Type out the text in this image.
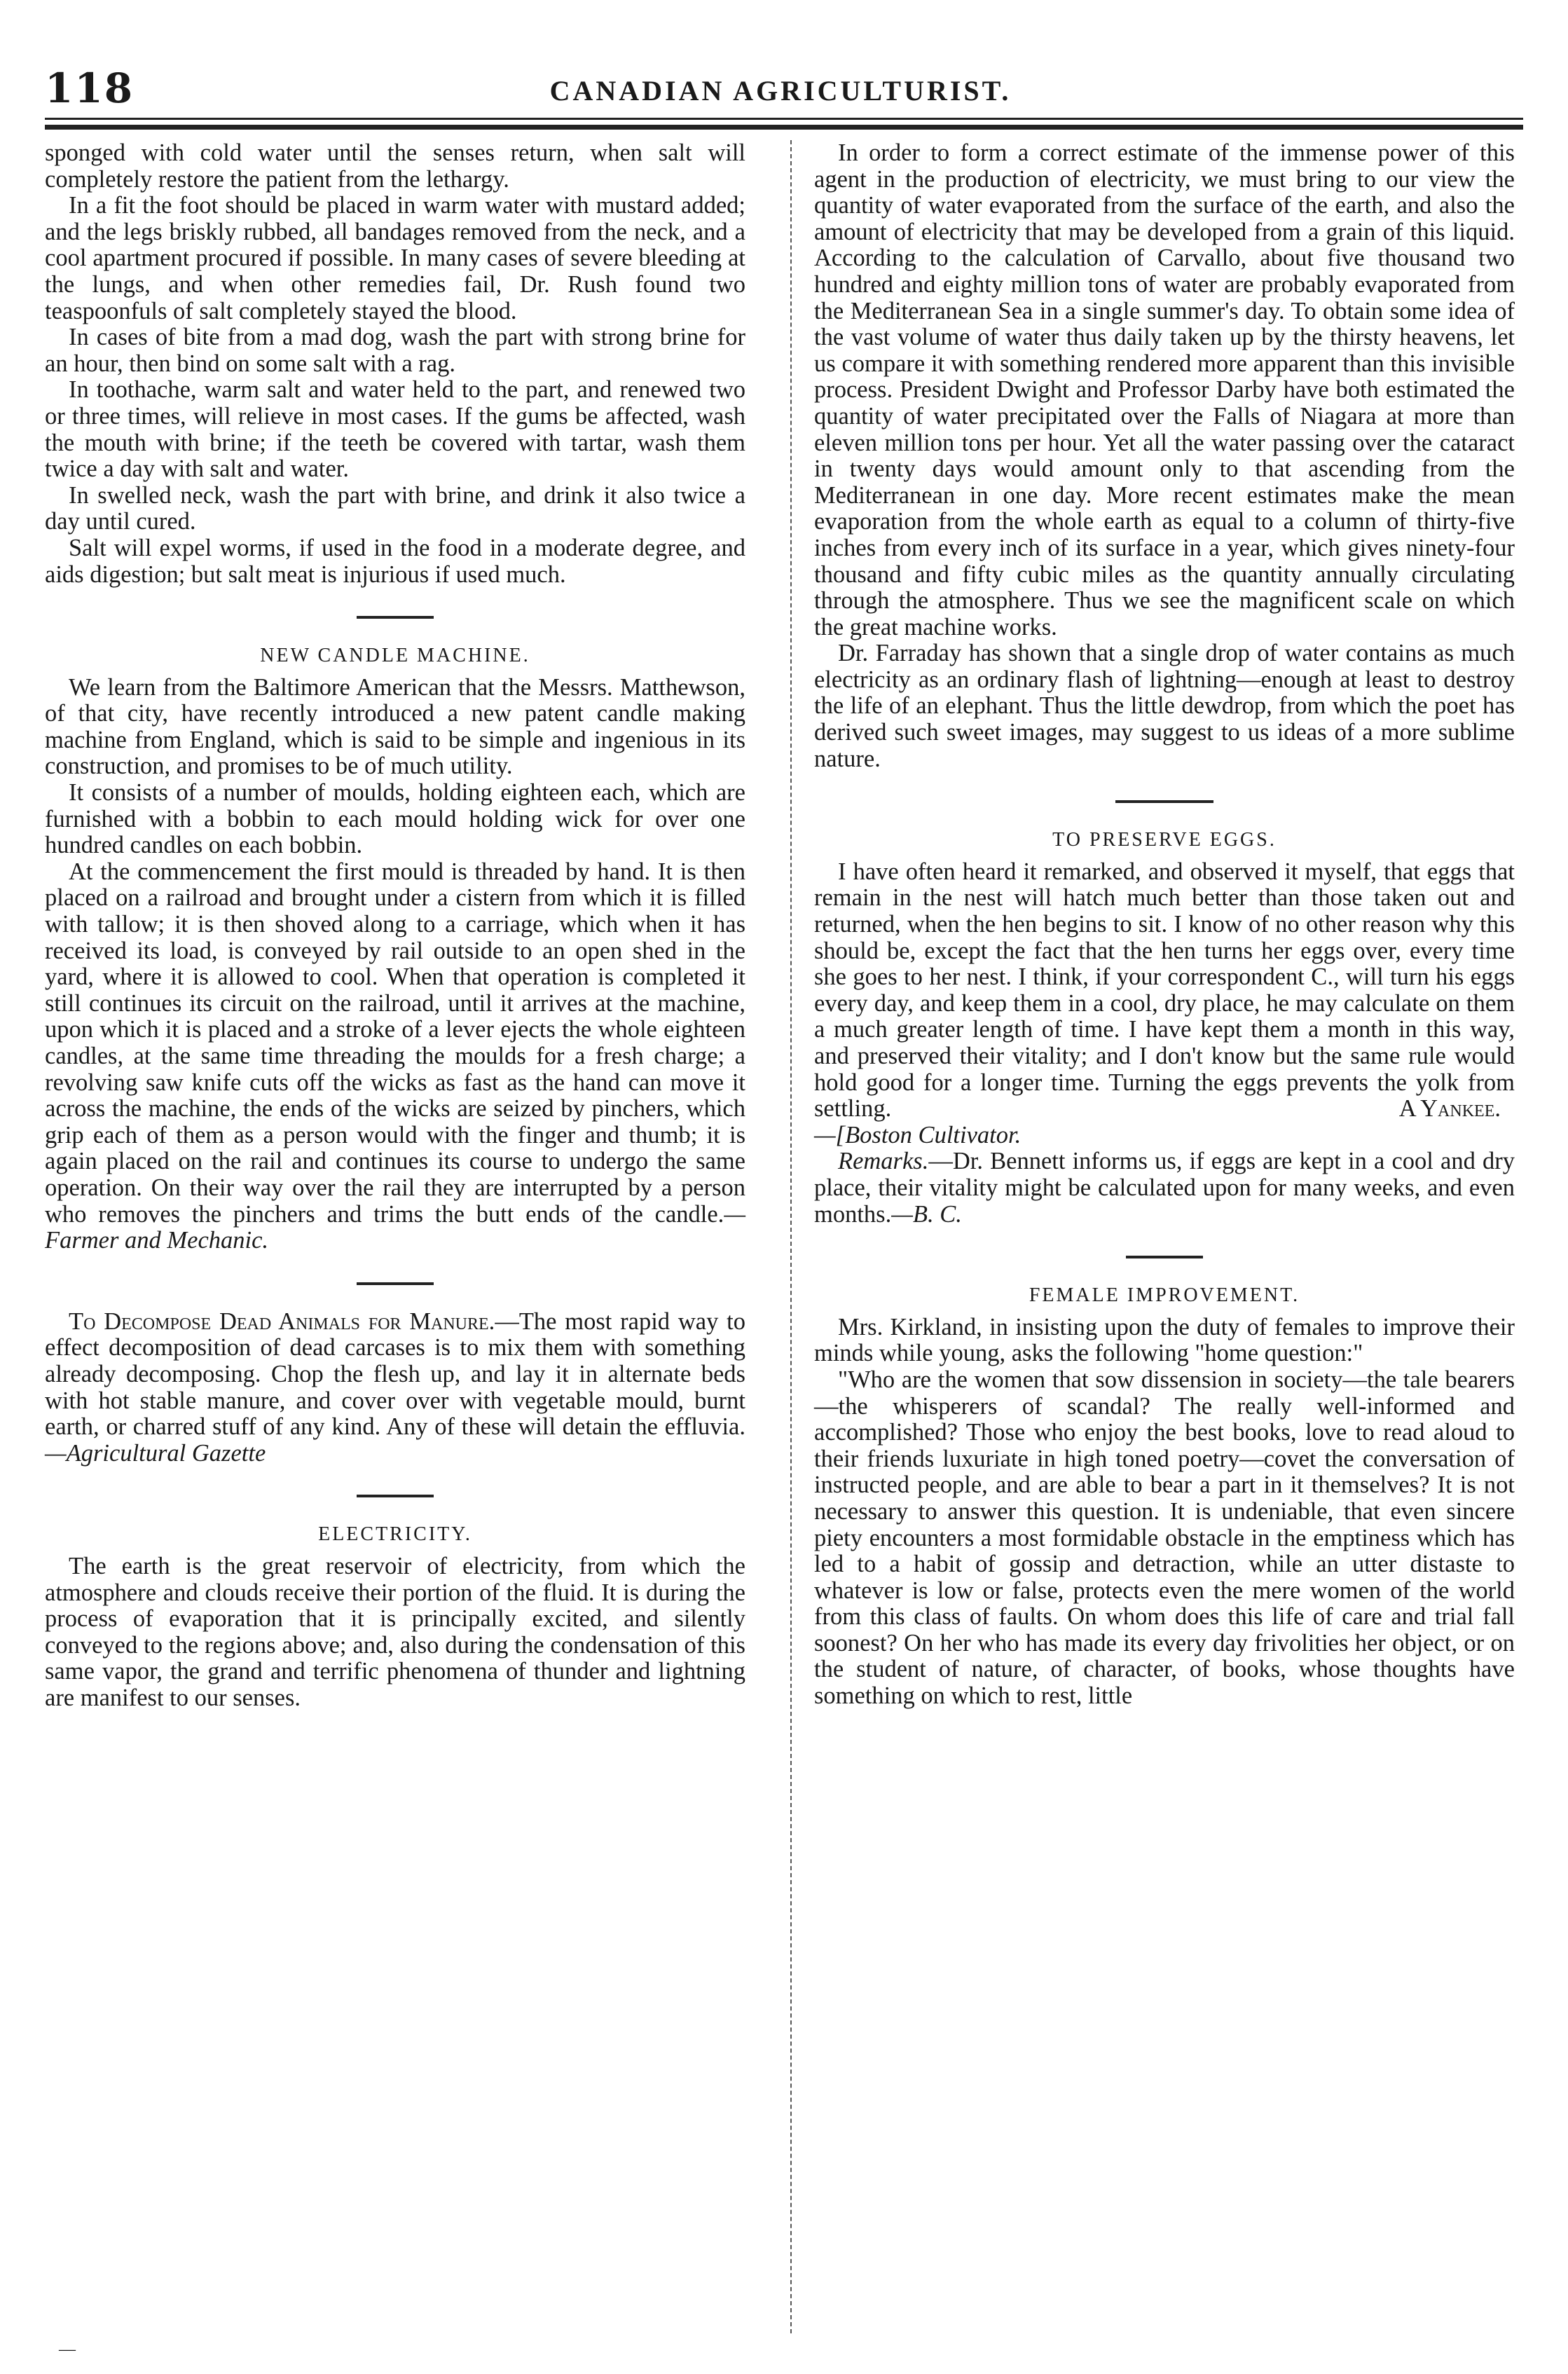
118	CANADIAN AGRICULTURIST.

sponged with cold water until the senses return, when salt will completely restore the patient from the lethargy.

In a fit the foot should be placed in warm water with mustard added; and the legs briskly rubbed, all bandages removed from the neck, and a cool apartment procured if possible. In many cases of severe bleeding at the lungs, and when other remedies fail, Dr. Rush found two teaspoonfuls of salt completely stayed the blood.

In cases of bite from a mad dog, wash the part with strong brine for an hour, then bind on some salt with a rag.

In toothache, warm salt and water held to the part, and renewed two or three times, will relieve in most cases. If the gums be affected, wash the mouth with brine; if the teeth be covered with tartar, wash them twice a day with salt and water.

In swelled neck, wash the part with brine, and drink it also twice a day until cured.

Salt will expel worms, if used in the food in a moderate degree, and aids digestion; but salt meat is injurious if used much.

NEW CANDLE MACHINE.

We learn from the Baltimore American that the Messrs. Matthewson, of that city, have recently introduced a new patent candle making machine from England, which is said to be simple and ingenious in its construction, and promises to be of much utility.

It consists of a number of moulds, holding eighteen each, which are furnished with a bobbin to each mould holding wick for over one hundred candles on each bobbin.

At the commencement the first mould is threaded by hand. It is then placed on a railroad and brought under a cistern from which it is filled with tallow; it is then shoved along to a carriage, which when it has received its load, is conveyed by rail outside to an open shed in the yard, where it is allowed to cool. When that operation is completed it still continues its circuit on the railroad, until it arrives at the machine, upon which it is placed and a stroke of a lever ejects the whole eighteen candles, at the same time threading the moulds for a fresh charge; a revolving saw knife cuts off the wicks as fast as the hand can move it across the machine, the ends of the wicks are seized by pinchers, which grip each of them as a person would with the finger and thumb; it is again placed on the rail and continues its course to undergo the same operation. On their way over the rail they are interrupted by a person who removes the pinchers and trims the butt ends of the candle.—Farmer and Mechanic.

To Decompose Dead Animals for Manure.—The most rapid way to effect decomposition of dead carcases is to mix them with something already decomposing. Chop the flesh up, and lay it in alternate beds with hot stable manure, and cover over with vegetable mould, burnt earth, or charred stuff of any kind. Any of these will detain the effluvia.—Agricultural Gazette

ELECTRICITY.

The earth is the great reservoir of electricity, from which the atmosphere and clouds receive their portion of the fluid. It is during the process of evaporation that it is principally excited, and silently conveyed to the regions above; and, also during the condensation of this same vapor, the grand and terrific phenomena of thunder and lightning are manifest to our senses.

In order to form a correct estimate of the immense power of this agent in the production of electricity, we must bring to our view the quantity of water evaporated from the surface of the earth, and also the amount of electricity that may be developed from a grain of this liquid. According to the calculation of Carvallo, about five thousand two hundred and eighty million tons of water are probably evaporated from the Mediterranean Sea in a single summer's day. To obtain some idea of the vast volume of water thus daily taken up by the thirsty heavens, let us compare it with something rendered more apparent than this invisible process. President Dwight and Professor Darby have both estimated the quantity of water precipitated over the Falls of Niagara at more than eleven million tons per hour. Yet all the water passing over the cataract in twenty days would amount only to that ascending from the Mediterranean in one day. More recent estimates make the mean evaporation from the whole earth as equal to a column of thirty-five inches from every inch of its surface in a year, which gives ninety-four thousand and fifty cubic miles as the quantity annually circulating through the atmosphere. Thus we see the magnificent scale on which the great machine works.

Dr. Farraday has shown that a single drop of water contains as much electricity as an ordinary flash of lightning—enough at least to destroy the life of an elephant. Thus the little dewdrop, from which the poet has derived such sweet images, may suggest to us ideas of a more sublime nature.

TO PRESERVE EGGS.

I have often heard it remarked, and observed it myself, that eggs that remain in the nest will hatch much better than those taken out and returned, when the hen begins to sit. I know of no other reason why this should be, except the fact that the hen turns her eggs over, every time she goes to her nest. I think, if your correspondent C., will turn his eggs every day, and keep them in a cool, dry place, he may calculate on them a much greater length of time. I have kept them a month in this way, and preserved their vitality; and I don't know but the same rule would hold good for a longer time. Turning the eggs prevents the yolk from settling.	A Yankee.

—[Boston Cultivator.

Remarks.—Dr. Bennett informs us, if eggs are kept in a cool and dry place, their vitality might be calculated upon for many weeks, and even months.—B. C.

FEMALE IMPROVEMENT.

Mrs. Kirkland, in insisting upon the duty of females to improve their minds while young, asks the following "home question:"

"Who are the women that sow dissension in society—the tale bearers—the whisperers of scandal? The really well-informed and accomplished? Those who enjoy the best books, love to read aloud to their friends luxuriate in high toned poetry—covet the conversation of instructed people, and are able to bear a part in it themselves? It is not necessary to answer this question. It is undeniable, that even sincere piety encounters a most formidable obstacle in the emptiness which has led to a habit of gossip and detraction, while an utter distaste to whatever is low or false, protects even the mere women of the world from this class of faults. On whom does this life of care and trial fall soonest? On her who has made its every day frivolities her object, or on the student of nature, of character, of books, whose thoughts have something on which to rest, little

—
